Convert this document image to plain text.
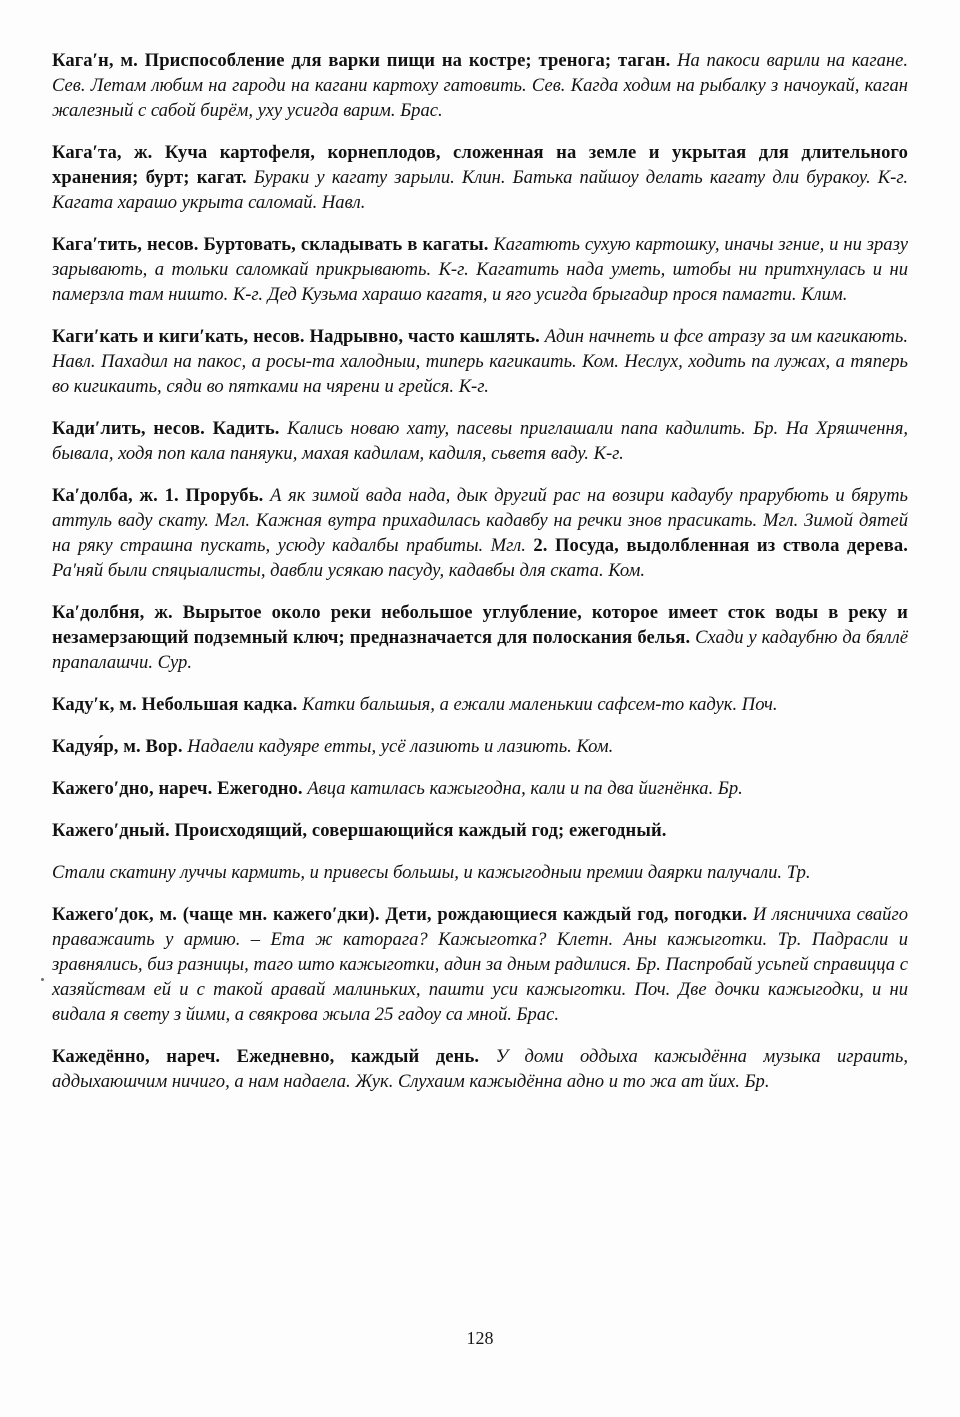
Кага′н, м. Приспособление для варки пищи на костре; тренога; таган. На пакоси варили на кагане. Сев. Летам любим на гароди на кагани картоху гатовить. Сев. Кагда ходим на рыбалку з начоукай, каган жалезный с сабой бирём, уху усигда варим. Брас.

Кага′та, ж. Куча картофеля, корнеплодов, сложенная на земле и укрытая для длительного хранения; бурт; кагат. Бураки у кагату зарыли. Клин. Батька пайшоу делать кагату дли буракоу. К-г. Кагата харашо укрыта саломай. Навл.

Кага′тить, несов. Буртовать, складывать в кагаты. Кагатють сухую картошку, иначы згние, и ни зразу зарывають, а тольки саломкай прикрывають. К-г. Кагатить нада уметь, штобы ни притхнулась и ни памерзла там ништо. К-г. Дед Кузьма харашо кагатя, и яго усигда брыгадир прося памагти. Клим.

Каги′кать и киги′кать, несов. Надрывно, часто кашлять. Адин начнеть и фсе атразу за им кагикають. Навл. Пахадил на пакос, а росы-та халодныи, типерь кагикаить. Ком. Неслух, ходить па лужах, а тяперь во кигикаить, сяди во пятками на чярени и грейся. К-г.

Кади′лить, несов. Кадить. Кались новаю хату, пасевы приглашали папа кадилить. Бр. На Хряшчення, бывала, ходя поп кала паняуки, махая кадилам, кадиля, сьветя ваду. К-г.

Ка′долба, ж. 1. Прорубь. А як зимой вада нада, дык другий рас на возири кадаубу прарубють и бяруть аттуль ваду скату. Мгл. Кажная вутра прихадилась кадавбу на речки знов прасикать. Мгл. Зимой дятей на ряку страшна пускать, усюду кадалбы прабиты. Мгл. 2. Посуда, выдолбленная из ствола дерева. Ра′няй были спяцыалисты, давбли усякаю пасуду, кадавбы для ската. Ком.

Ка′долбня, ж. Вырытое около реки небольшое углубление, которое имеет сток воды в реку и незамерзающий подземный ключ; предназначается для полоскания белья. Схади у кадаубню да бяллё прапалашчи. Сур.

Каду′к, м. Небольшая кадка. Катки бальшыя, а ежали маленькии сафсем-то кадук. Поч.

Кадуя́р, м. Вор. Надаели кадуяре етты, усё лазиють и лазиють. Ком.

Кажего′дно, нареч. Ежегодно. Авца катилась кажыгодна, кали и па два йигнёнка. Бр.

Кажего′дный. Происходящий, совершающийся каждый год; ежегодный.

Стали скатину луччы кармить, и привесы большы, и кажыгодныи премии даярки палучали. Тр.

Кажего′док, м. (чаще мн. кажего′дки). Дети, рождающиеся каждый год, погодки. И лясничиха свайго праважаить у армию. – Ета ж каторага? Кажыготка? Клетн. Аны кажыготки. Тр. Падрасли и зравнялись, биз разницы, таго што кажыготки, адин за дным радилися. Бр. Паспробай усьпей справицца с хазяйствам ей и с такой аравай малиньких, пашти уси кажыготки. Поч. Две дочки кажыгодки, и ни видала я свету з йими, а свякрова жыла 25 гадоу са мной. Брас.

Кажедённо, нареч. Ежедневно, каждый день. У доми оддыха кажыдённа музыка играить, аддыхаюшчим ничиго, а нам надаела. Жук. Слухаим кажыдённа адно и то жа ат йих. Бр.

128
